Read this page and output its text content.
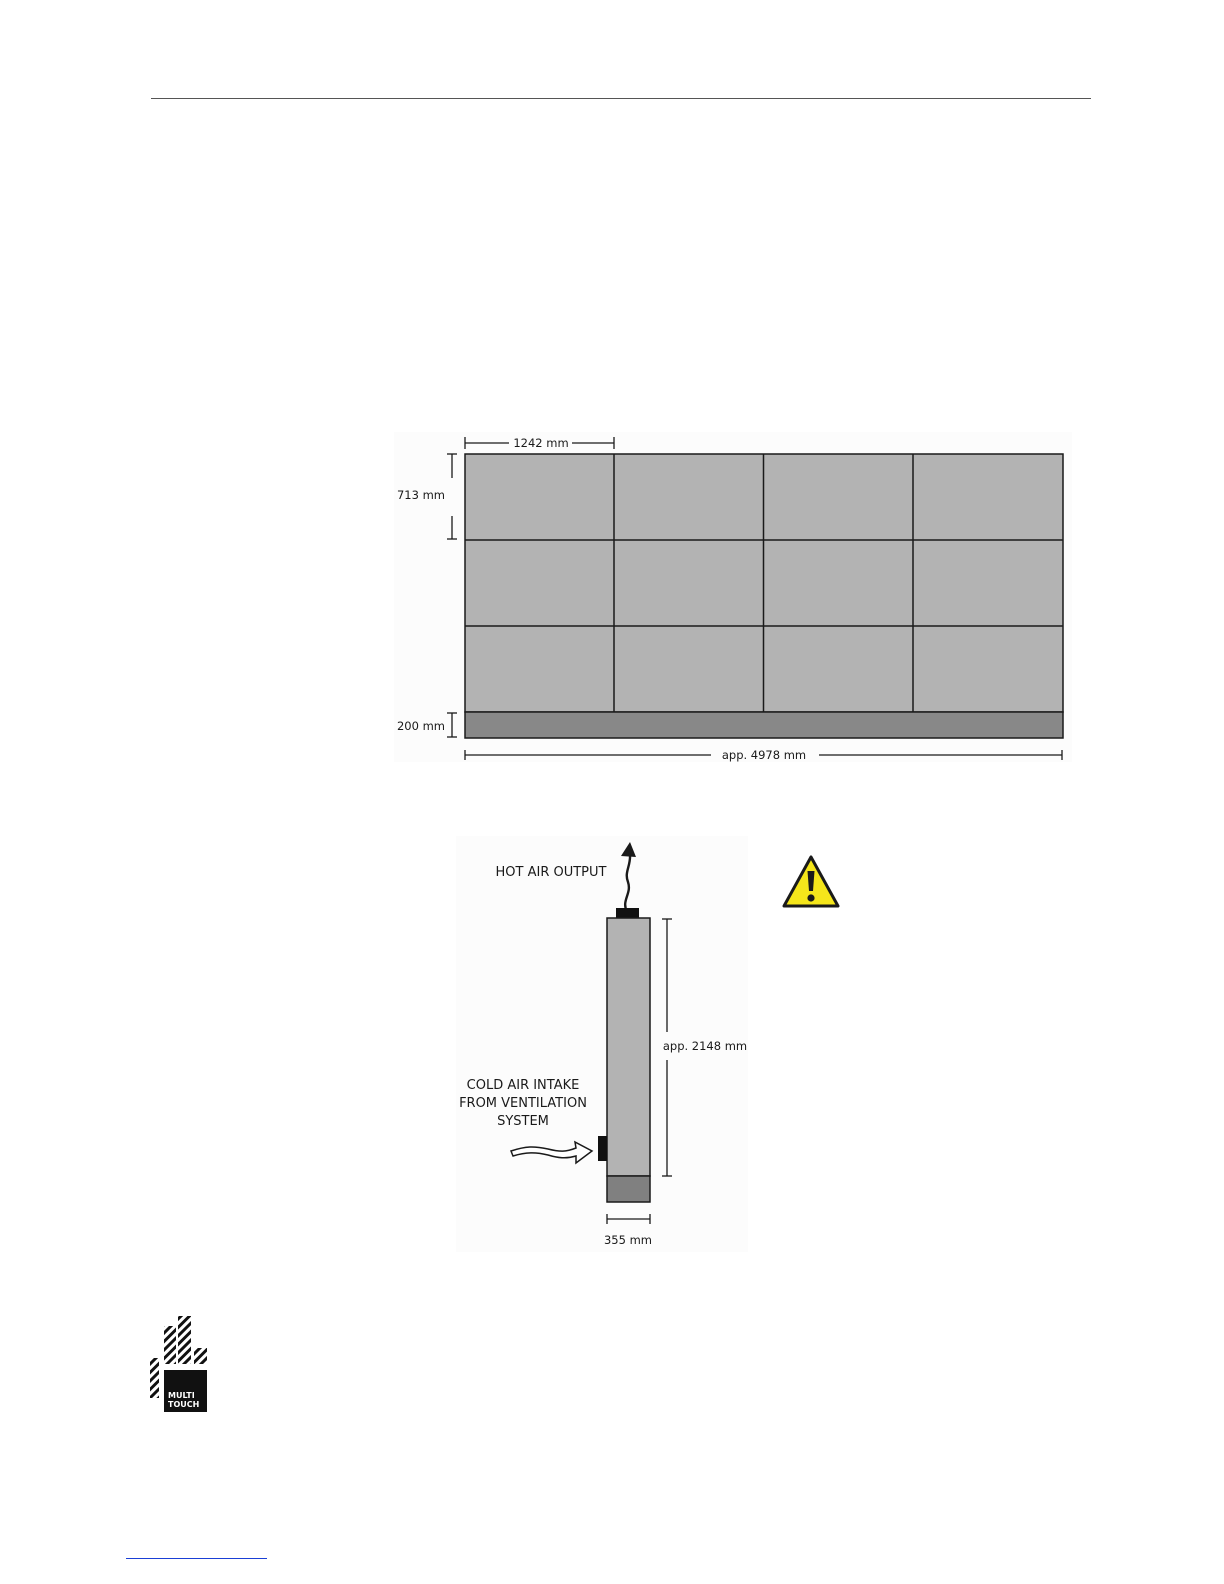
1242 mm
713 mm
200 mm
app. 4978 mm
HOT AIR OUTPUT
COLD AIR INTAKE
FROM VENTILATION
SYSTEM
app. 2148 mm
355 mm
MULTI
TOUCH
